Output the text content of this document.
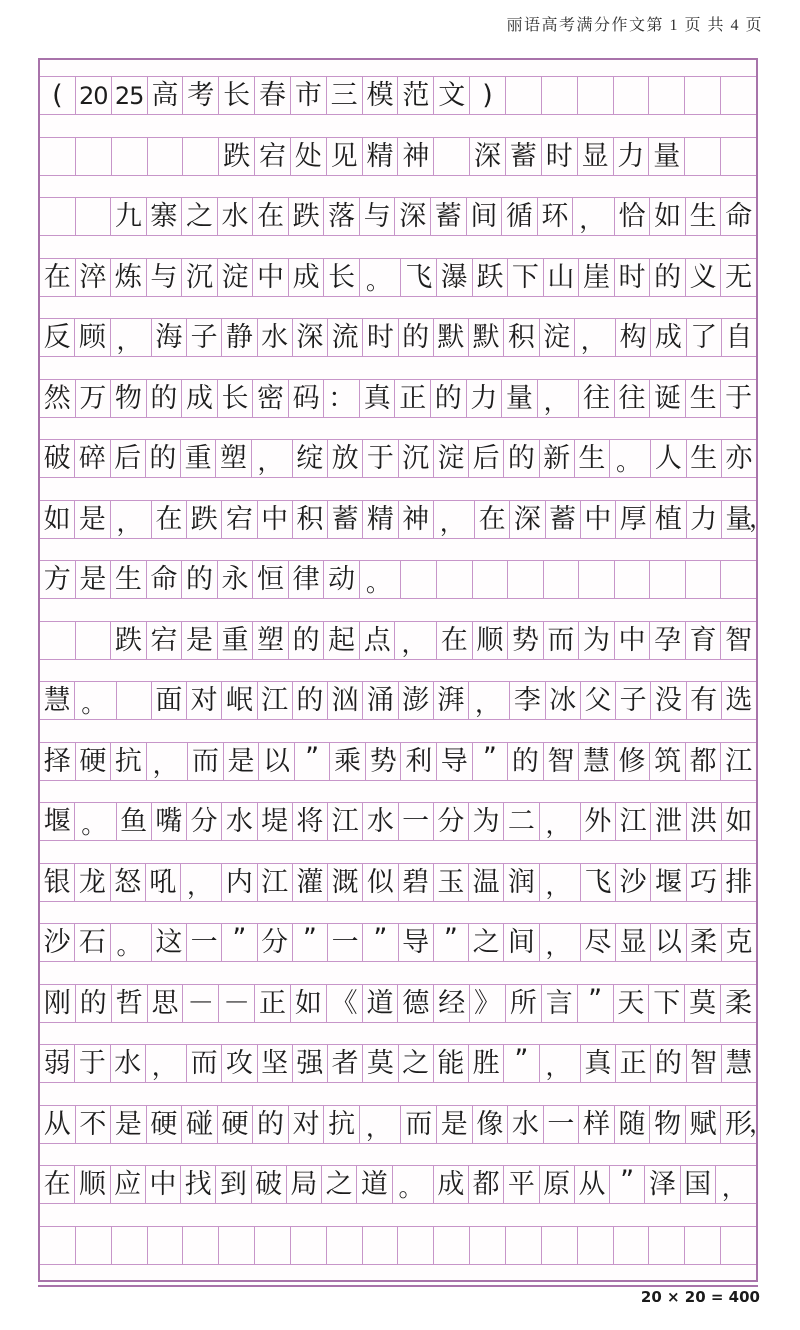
丽语高考满分作文第 1 页 共 4 页
( 20 25 高 考 长 春 市 三 模 范 文 )
跌 宕 处 见 精 神 深 蓄 时 显 力 量
九 寨 之 水 在 跌 落 与 深 蓄 间 循 环 ， 恰 如 生 命
在 淬 炼 与 沉 淀 中 成 长 。 飞 瀑 跃 下 山 崖 时 的 义 无
反 顾 ， 海 子 静 水 深 流 时 的 默 默 积 淀 ， 构 成 了 自
然 万 物 的 成 长 密 码 ： 真 正 的 力 量 ， 往 往 诞 生 于
破 碎 后 的 重 塑 ， 绽 放 于 沉 淀 后 的 新 生 。 人 生 亦
如 是 ， 在 跌 宕 中 积 蓄 精 神 ， 在 深 蓄 中 厚 植 力 量
，
方 是 生 命 的 永 恒 律 动 。
跌 宕 是 重 塑 的 起 点 ， 在 顺 势 而 为 中 孕 育 智
慧 。	面 对 岷 江 的 汹 涌 澎 湃 ， 李 冰 父 子 没 有 选
择 硬 抗 ， 而 是 以 ” 乘 势 利 导 ” 的 智 慧 修 筑 都 江
堰 。 鱼 嘴 分 水 堤 将 江 水 一 分 为 二 ， 外 江 泄 洪 如
银 龙 怒 吼 ， 内 江 灌 溉 似 碧 玉 温 润 ， 飞 沙 堰 巧 排
沙 石 。 这 一 ” 分 ” 一 ” 导 ” 之 间 ， 尽 显 以 柔 克
刚 的 哲 思 － － 正 如 《 道 德 经 》 所 言 ” 天 下 莫 柔
弱 于 水 ， 而 攻 坚 强 者 莫 之 能 胜 ” ， 真 正 的 智 慧
从 不 是 硬 碰 硬 的 对 抗 ， 而 是 像 水 一 样 随 物 赋 形
，
在 顺 应 中 找 到 破 局 之 道 。 成 都 平 原 从 ” 泽 国 ，
20 × 20 = 400
